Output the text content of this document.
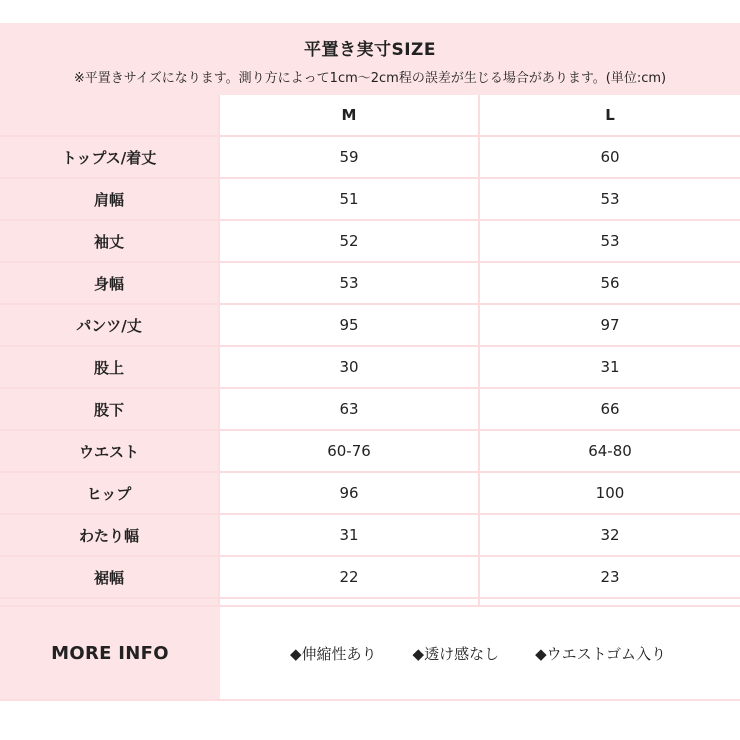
平置き実寸SIZE
※平置きサイズになります。測り方によって1cm～2cm程の誤差が生じる場合があります。(単位:cm)
	M	L
トップス/着丈	59	60
肩幅	51	53
袖丈	52	53
身幅	53	56
パンツ/丈	95	97
股上	30	31
股下	63	66
ウエスト	60-76	64-80
ヒップ	96	100
わたり幅	31	32
裾幅	22	23

MORE INFO	◆伸縮性あり ◆透け感なし ◆ウエストゴム入り
